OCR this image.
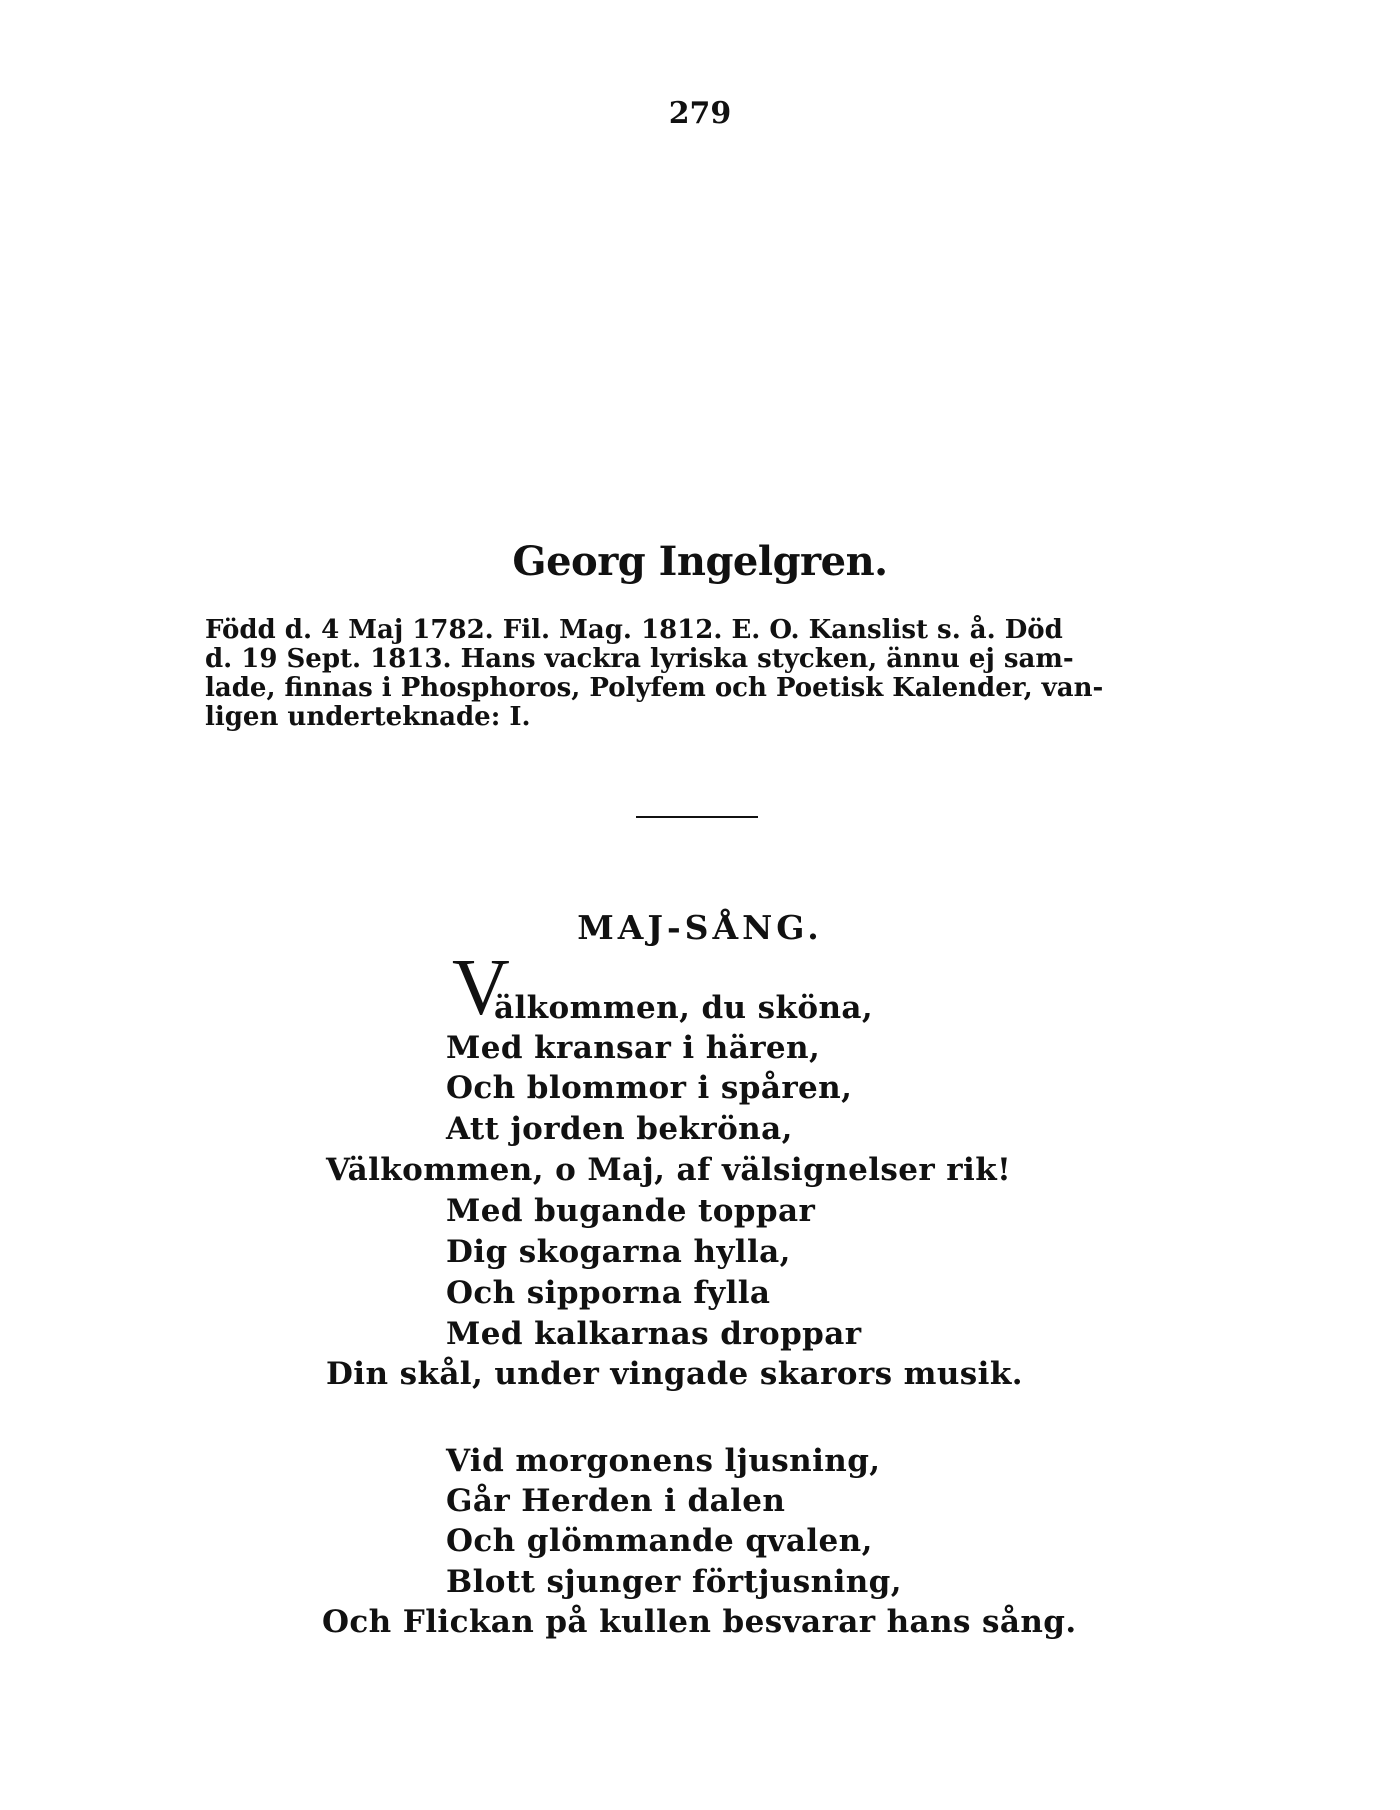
279
Georg Ingelgren.
Född d. 4 Maj 1782. Fil. Mag. 1812. E. O. Kanslist s. å. Död
d. 19 Sept. 1813. Hans vackra lyriska stycken, ännu ej sam-
lade, finnas i Phosphoros, Polyfem och Poetisk Kalender, van-
ligen underteknade: I.
MAJ-SÅNG.
V
älkommen, du sköna,
Med kransar i hären,
Och blommor i spåren,
Att jorden bekröna,
Välkommen, o Maj, af välsignelser rik!
Med bugande toppar
Dig skogarna hylla,
Och sipporna fylla
Med kalkarnas droppar
Din skål, under vingade skarors musik.
Vid morgonens ljusning,
Går Herden i dalen
Och glömmande qvalen,
Blott sjunger förtjusning,
Och Flickan på kullen besvarar hans sång.
